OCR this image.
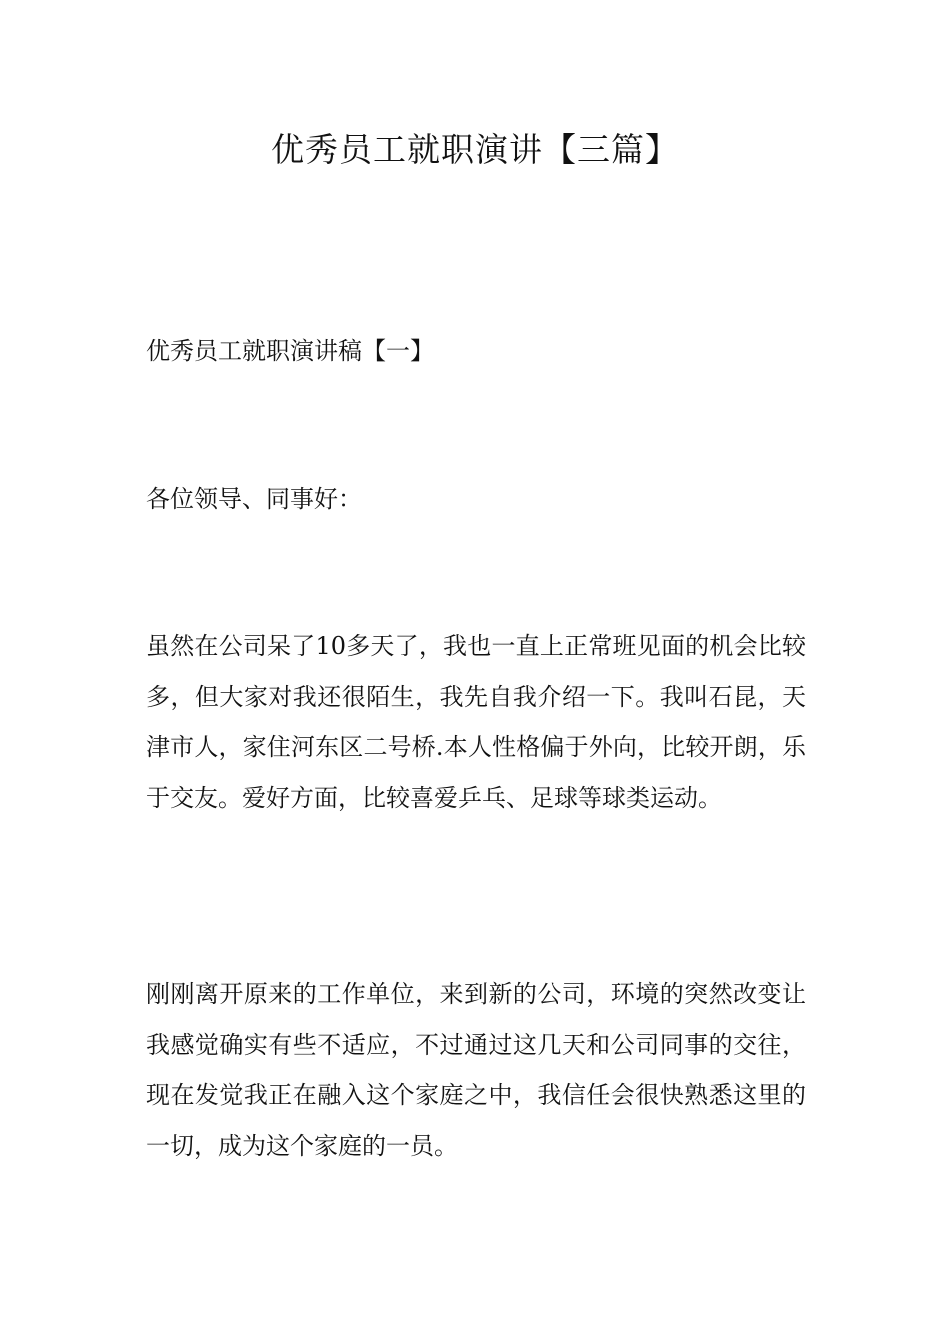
优秀员工就职演讲【三篇】
优秀员工就职演讲稿【一】
各位领导、同事好：
虽然在公司呆了10多天了，我也一直上正常班见面的机会比较多，但大家对我还很陌生，我先自我介绍一下。我叫石昆，天津市人，家住河东区二号桥.本人性格偏于外向，比较开朗，乐于交友。爱好方面，比较喜爱乒乓、足球等球类运动。
刚刚离开原来的工作单位，来到新的公司，环境的突然改变让我感觉确实有些不适应，不过通过这几天和公司同事的交往，现在发觉我正在融入这个家庭之中，我信任会很快熟悉这里的一切，成为这个家庭的一员。
